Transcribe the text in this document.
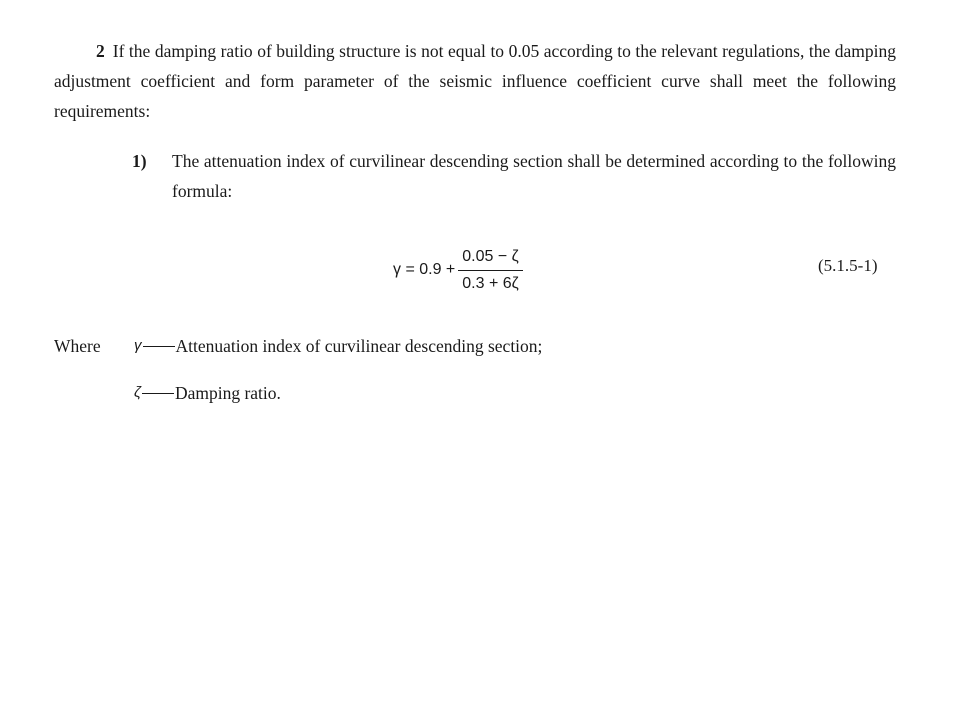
2 If the damping ratio of building structure is not equal to 0.05 according to the relevant regulations, the damping adjustment coefficient and form parameter of the seismic influence coefficient curve shall meet the following requirements:
1) The attenuation index of curvilinear descending section shall be determined according to the following formula:
$\gamma = 0.9 + \frac{0.05 - \zeta}{0.3 + 6\zeta}$	(5.1.5-1)
Where	γ Attenuation index of curvilinear descending section;
ζ Damping ratio.
